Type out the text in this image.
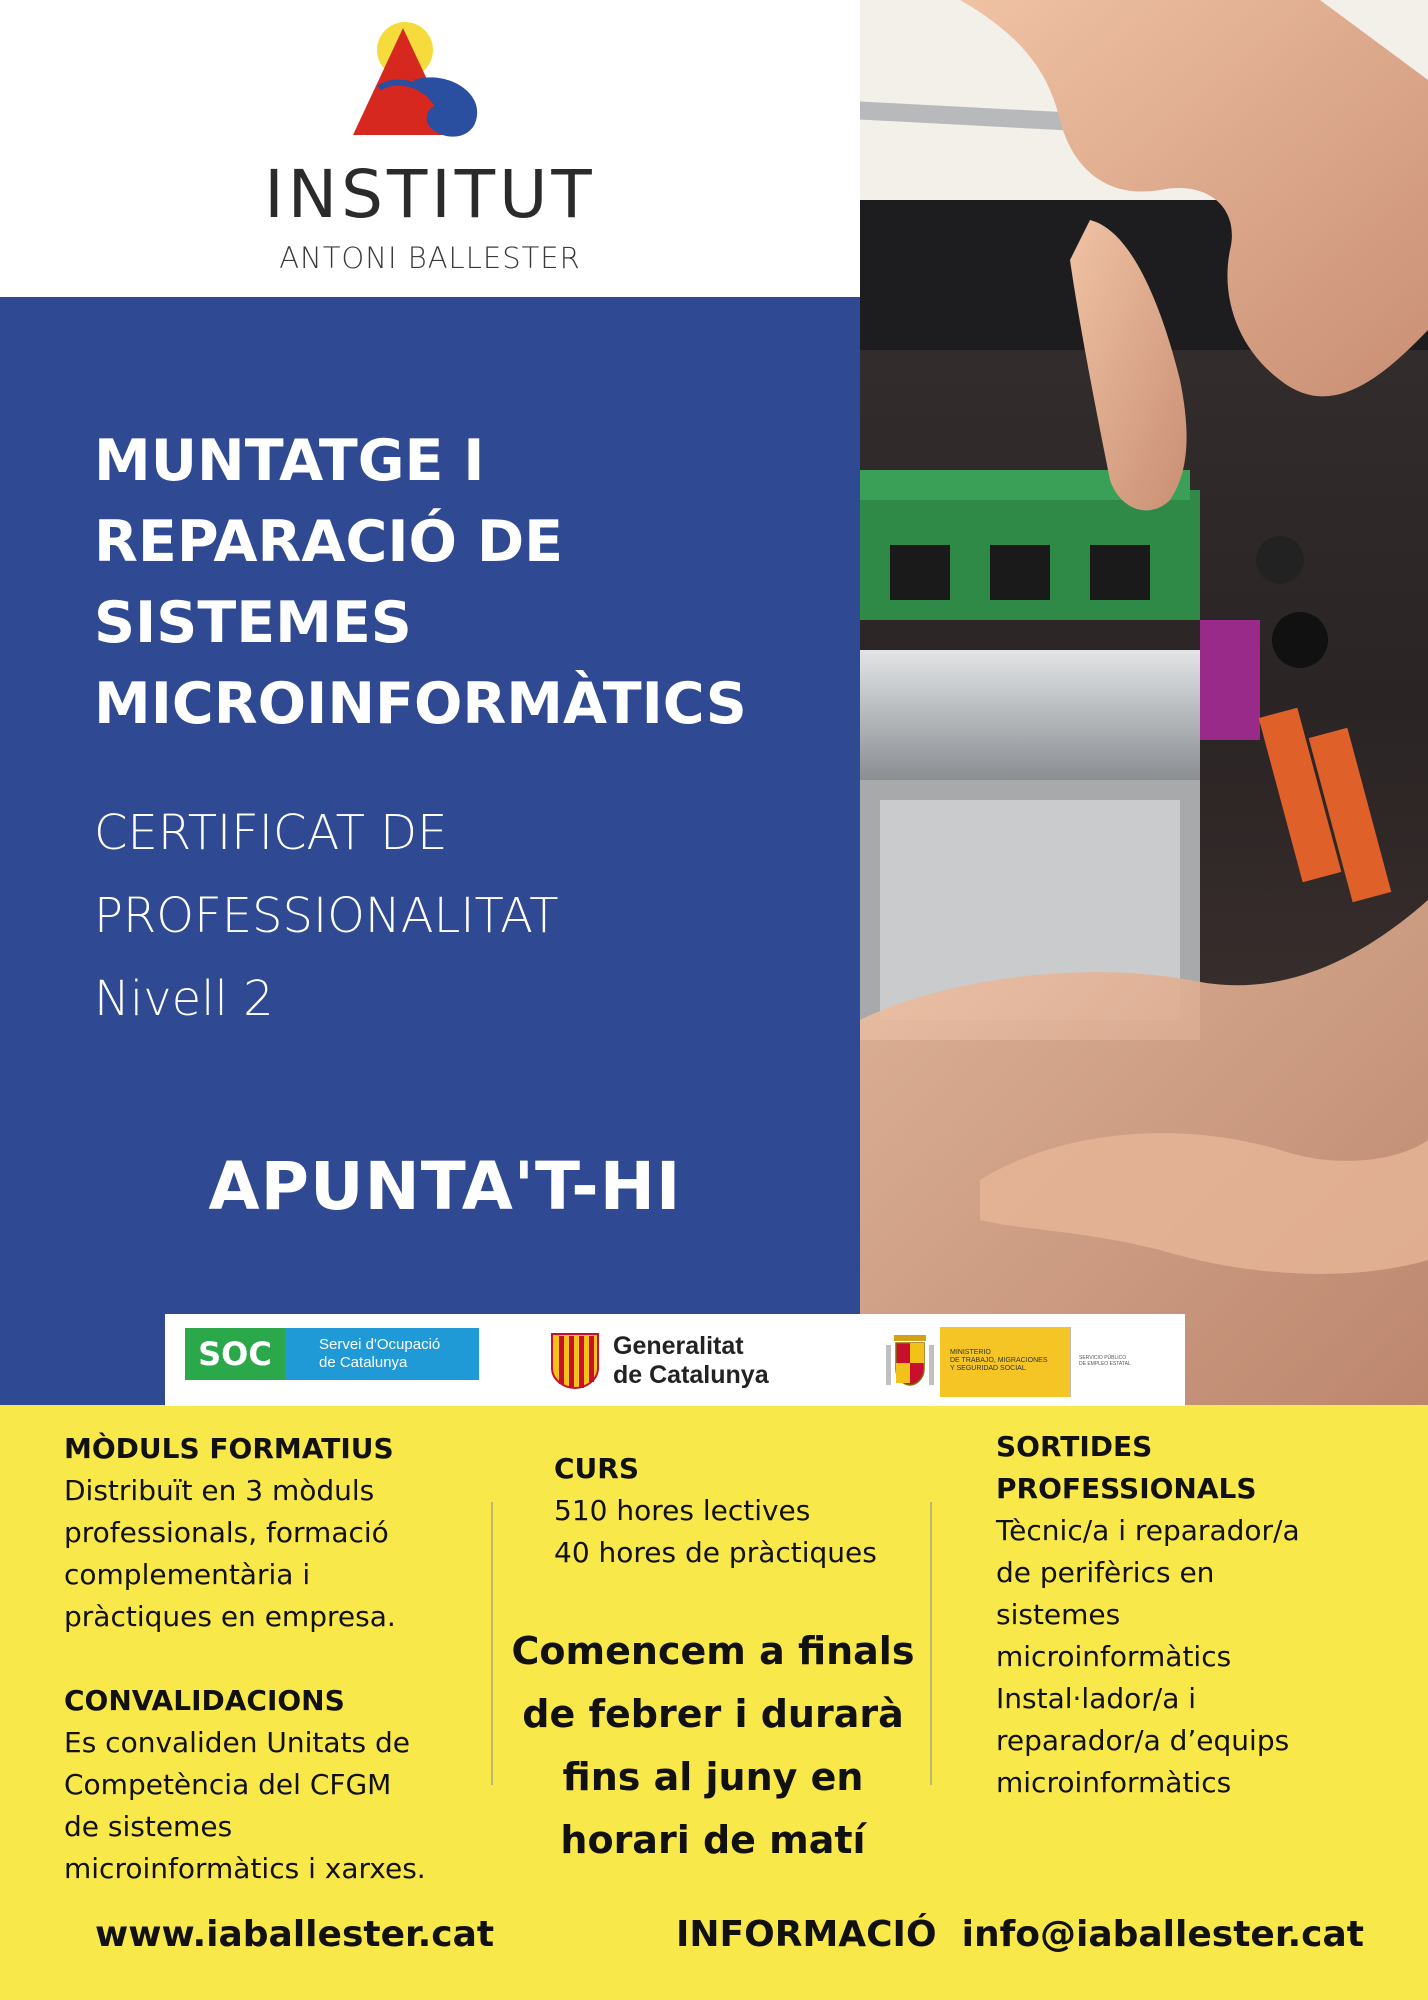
INSTITUT
ANTONI BALLESTER
MUNTATGE I
REPARACIÓ DE
SISTEMES
MICROINFORMÀTICS
CERTIFICAT DE
PROFESSIONALITAT
Nivell 2
APUNTA'T-HI
SOC	Servei d'Ocupació
de Catalunya
Generalitat
de Catalunya
MINISTERIO
DE TRABAJO, MIGRACIONES
Y SEGURIDAD SOCIAL
SERVICIO PÚBLICO
DE EMPLEO ESTATAL
MÒDULS FORMATIUS
Distribuït en 3 mòduls
professionals, formació
complementària i
pràctiques en empresa.
CONVALIDACIONS
Es convaliden Unitats de
Competència del CFGM
de sistemes
microinformàtics i xarxes.
CURS
510 hores lectives
40 hores de pràctiques
Comencem a finals
de febrer i durarà
fins al juny en
horari de matí
SORTIDES
PROFESSIONALS
Tècnic/a i reparador/a
de perifèrics en
sistemes
microinformàtics
Instal·lador/a i
reparador/a d’equips
microinformàtics
www.iaballester.cat	INFORMACIÓ info@iaballester.cat
